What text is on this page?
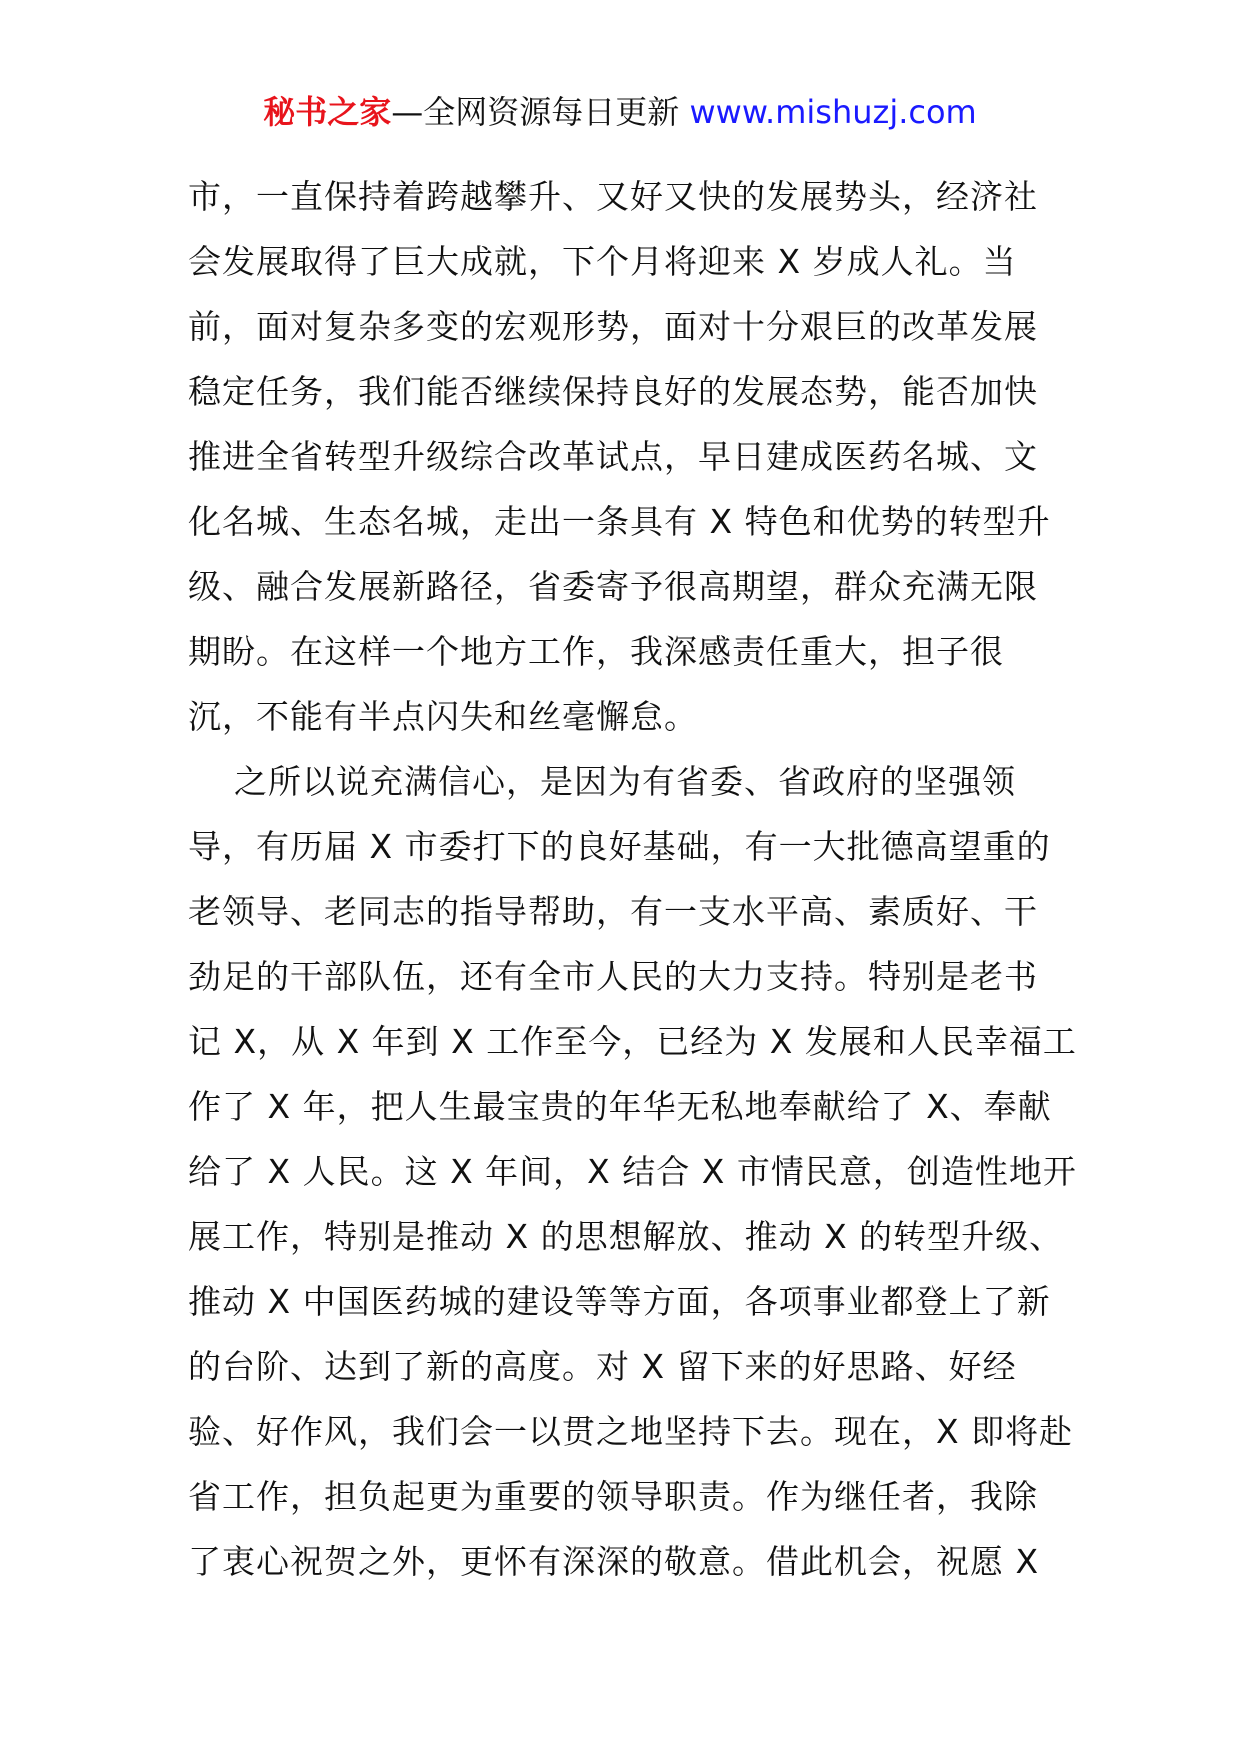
秘书之家—全网资源每日更新 www.mishuzj.com
市，一直保持着跨越攀升、又好又快的发展势头，经济社
会发展取得了巨大成就，下个月将迎来 X 岁成人礼。当
前，面对复杂多变的宏观形势，面对十分艰巨的改革发展
稳定任务，我们能否继续保持良好的发展态势，能否加快
推进全省转型升级综合改革试点，早日建成医药名城、文
化名城、生态名城，走出一条具有 X 特色和优势的转型升
级、融合发展新路径，省委寄予很高期望，群众充满无限
期盼。在这样一个地方工作，我深感责任重大，担子很
沉，不能有半点闪失和丝毫懈怠。
之所以说充满信心，是因为有省委、省政府的坚强领
导，有历届 X 市委打下的良好基础，有一大批德高望重的
老领导、老同志的指导帮助，有一支水平高、素质好、干
劲足的干部队伍，还有全市人民的大力支持。特别是老书
记 X，从 X 年到 X 工作至今，已经为 X 发展和人民幸福工
作了 X 年，把人生最宝贵的年华无私地奉献给了 X、奉献
给了 X 人民。这 X 年间，X 结合 X 市情民意，创造性地开
展工作，特别是推动 X 的思想解放、推动 X 的转型升级、
推动 X 中国医药城的建设等等方面，各项事业都登上了新
的台阶、达到了新的高度。对 X 留下来的好思路、好经
验、好作风，我们会一以贯之地坚持下去。现在，X 即将赴
省工作，担负起更为重要的领导职责。作为继任者，我除
了衷心祝贺之外，更怀有深深的敬意。借此机会，祝愿 X
